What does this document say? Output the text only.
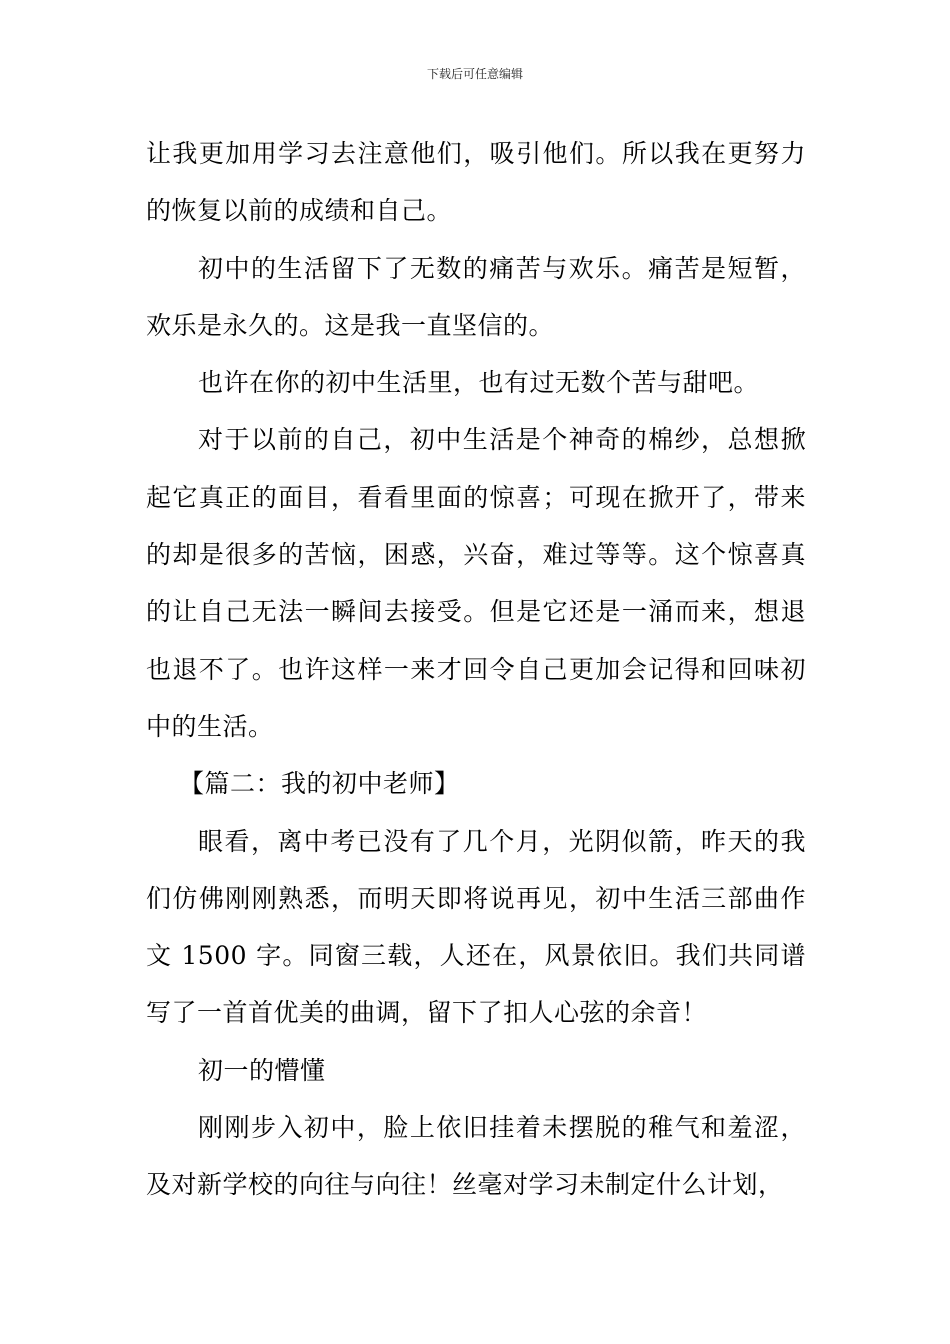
下载后可任意编辑

让我更加用学习去注意他们，吸引他们。所以我在更努力的恢复以前的成绩和自己。

初中的生活留下了无数的痛苦与欢乐。痛苦是短暂，欢乐是永久的。这是我一直坚信的。

也许在你的初中生活里，也有过无数个苦与甜吧。

对于以前的自己，初中生活是个神奇的棉纱，总想掀起它真正的面目，看看里面的惊喜；可现在掀开了，带来的却是很多的苦恼，困惑，兴奋，难过等等。这个惊喜真的让自己无法一瞬间去接受。但是它还是一涌而来，想退也退不了。也许这样一来才回令自己更加会记得和回味初中的生活。

【篇二：我的初中老师】

眼看，离中考已没有了几个月，光阴似箭，昨天的我们仿佛刚刚熟悉，而明天即将说再见，初中生活三部曲作文 1500 字。同窗三载，人还在，风景依旧。我们共同谱写了一首首优美的曲调，留下了扣人心弦的余音！

初一的懵懂

刚刚步入初中，脸上依旧挂着未摆脱的稚气和羞涩，及对新学校的向往与向往！丝毫对学习未制定什么计划，
